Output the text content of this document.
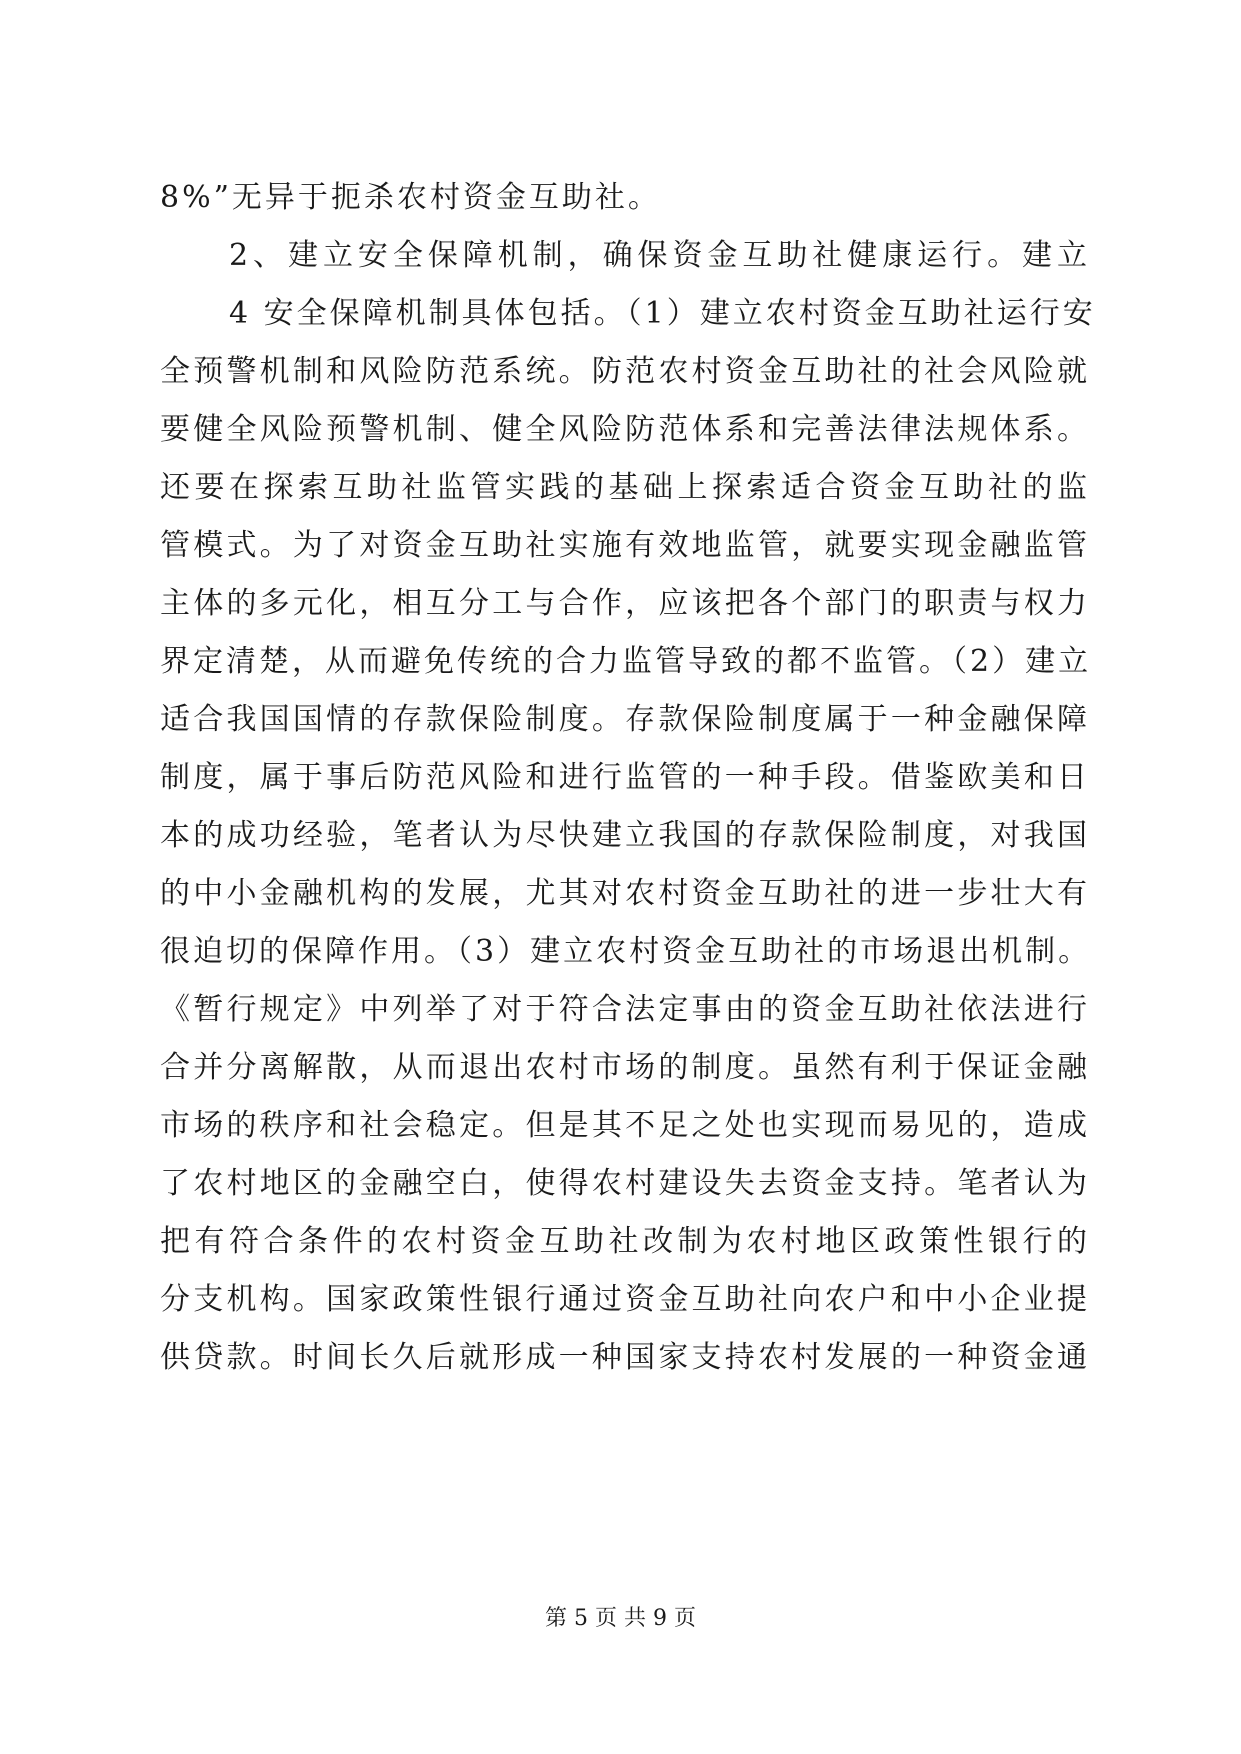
8%”无异于扼杀农村资金互助社。
2、建立安全保障机制，确保资金互助社健康运行。建立
4 安全保障机制具体包括。（1）建立农村资金互助社运行安
全预警机制和风险防范系统。防范农村资金互助社的社会风险就
要健全风险预警机制、健全风险防范体系和完善法律法规体系。
还要在探索互助社监管实践的基础上探索适合资金互助社的监
管模式。为了对资金互助社实施有效地监管，就要实现金融监管
主体的多元化，相互分工与合作，应该把各个部门的职责与权力
界定清楚，从而避免传统的合力监管导致的都不监管。（2）建立
适合我国国情的存款保险制度。存款保险制度属于一种金融保障
制度，属于事后防范风险和进行监管的一种手段。借鉴欧美和日
本的成功经验，笔者认为尽快建立我国的存款保险制度，对我国
的中小金融机构的发展，尤其对农村资金互助社的进一步壮大有
很迫切的保障作用。（3）建立农村资金互助社的市场退出机制。
《暂行规定》中列举了对于符合法定事由的资金互助社依法进行
合并分离解散，从而退出农村市场的制度。虽然有利于保证金融
市场的秩序和社会稳定。但是其不足之处也实现而易见的，造成
了农村地区的金融空白，使得农村建设失去资金支持。笔者认为
把有符合条件的农村资金互助社改制为农村地区政策性银行的
分支机构。国家政策性银行通过资金互助社向农户和中小企业提
供贷款。时间长久后就形成一种国家支持农村发展的一种资金通
第 5 页 共 9 页
